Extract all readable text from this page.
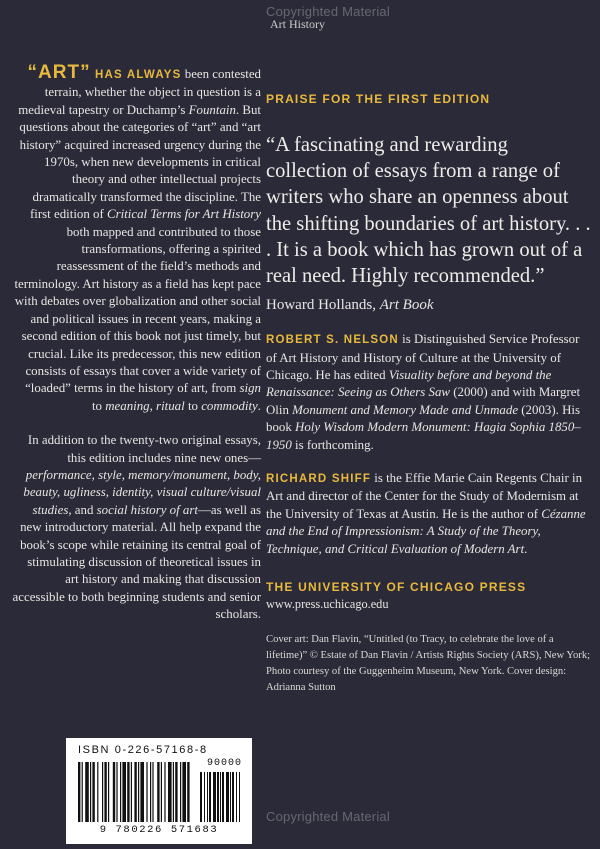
Copyrighted Material
Art History

“ART” HAS ALWAYS been contested terrain, whether the object in question is a medieval tapestry or Duchamp’s Fountain. But questions about the categories of “art” and “art history” acquired increased urgency during the 1970s, when new developments in critical theory and other intellectual projects dramatically transformed the discipline. The first edition of Critical Terms for Art History both mapped and contributed to those transformations, offering a spirited reassessment of the field’s methods and terminology. Art history as a field has kept pace with debates over globalization and other social and political issues in recent years, making a second edition of this book not just timely, but crucial. Like its predecessor, this new edition consists of essays that cover a wide variety of “loaded” terms in the history of art, from sign to meaning, ritual to commodity.

In addition to the twenty-two original essays, this edition includes nine new ones—performance, style, memory/monument, body, beauty, ugliness, identity, visual culture/visual studies, and social history of art—as well as new introductory material. All help expand the book’s scope while retaining its central goal of stimulating discussion of theoretical issues in art history and making that discussion accessible to both beginning students and senior scholars.

PRAISE FOR THE FIRST EDITION
“A fascinating and rewarding collection of essays from a range of writers who share an openness about the shifting boundaries of art history. . . . It is a book which has grown out of a real need. Highly recommended.”
Howard Hollands, Art Book
ROBERT S. NELSON is Distinguished Service Professor of Art History and History of Culture at the University of Chicago. He has edited Visuality before and beyond the Renaissance: Seeing as Others Saw (2000) and with Margret Olin Monument and Memory Made and Unmade (2003). His book Holy Wisdom Modern Monument: Hagia Sophia 1850–1950 is forthcoming.
RICHARD SHIFF is the Effie Marie Cain Regents Chair in Art and director of the Center for the Study of Modernism at the University of Texas at Austin. He is the author of Cézanne and the End of Impressionism: A Study of the Theory, Technique, and Critical Evaluation of Modern Art.
THE UNIVERSITY OF CHICAGO PRESS
www.press.uchicago.edu
Cover art: Dan Flavin, “Untitled (to Tracy, to celebrate the love of a lifetime)” © Estate of Dan Flavin / Artists Rights Society (ARS), New York; Photo courtesy of the Guggenheim Museum, New York. Cover design: Adrianna Sutton
ISBN 0-226-57168-8
90000
9 780226 571683
Copyrighted Material
